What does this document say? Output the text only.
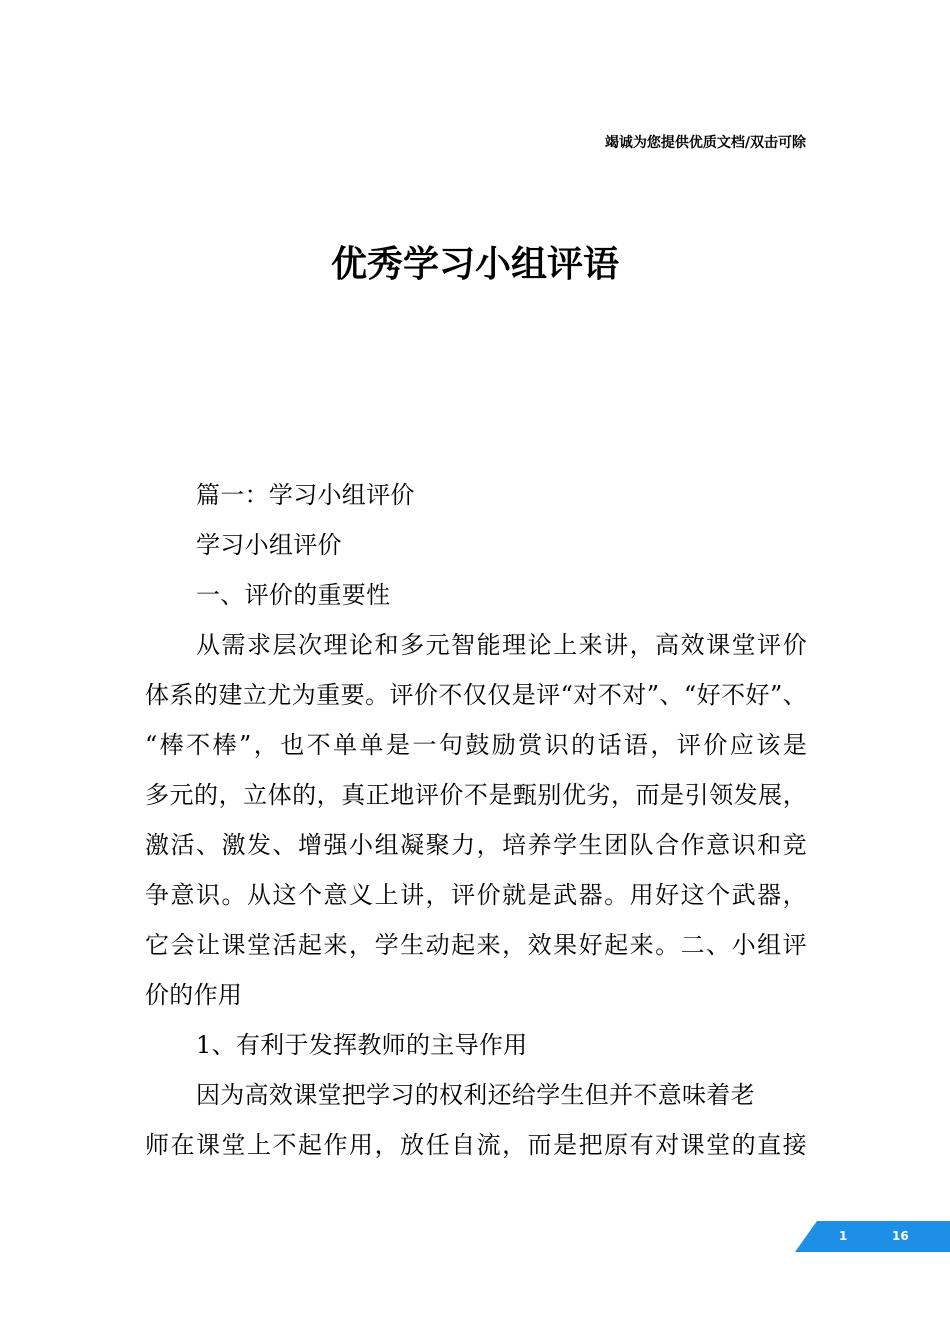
竭诚为您提供优质文档/双击可除
优秀学习小组评语
篇一：学习小组评价
学习小组评价
一、评价的重要性
从需求层次理论和多元智能理论上来讲，高效课堂评价
体系的建立尤为重要。评价不仅仅是评“对不对”、“好不好”、
“棒不棒”，也不单单是一句鼓励赏识的话语，评价应该是
多元的，立体的，真正地评价不是甄别优劣，而是引领发展，
激活、激发、增强小组凝聚力，培养学生团队合作意识和竞
争意识。从这个意义上讲，评价就是武器。用好这个武器，
它会让课堂活起来，学生动起来，效果好起来。二、小组评
价的作用
1、有利于发挥教师的主导作用
因为高效课堂把学习的权利还给学生但并不意味着老
师在课堂上不起作用，放任自流，而是把原有对课堂的直接
1	16
